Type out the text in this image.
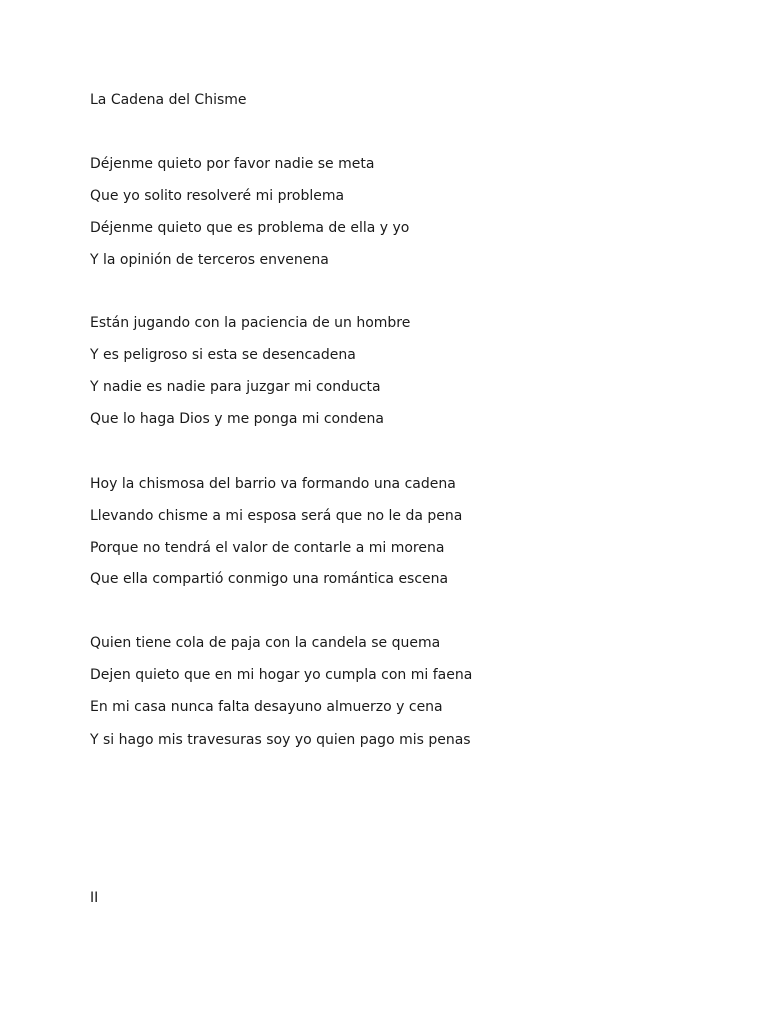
La Cadena del Chisme

Déjenme quieto por favor nadie se meta

Que yo solito resolveré mi problema

Déjenme quieto que es problema de ella y yo

Y la opinión de terceros envenena

Están jugando con la paciencia de un hombre

Y es peligroso si esta se desencadena

Y nadie es nadie para juzgar mi conducta

Que lo haga Dios y me ponga mi condena

Hoy la chismosa del barrio va formando una cadena

Llevando chisme a mi esposa será que no le da pena

Porque no tendrá el valor de contarle a mi morena

Que ella compartió conmigo una romántica escena

Quien tiene cola de paja con la candela se quema

Dejen quieto que en mi hogar yo cumpla con mi faena

En mi casa nunca falta desayuno almuerzo y cena

Y si hago mis travesuras soy yo quien pago mis penas

II
